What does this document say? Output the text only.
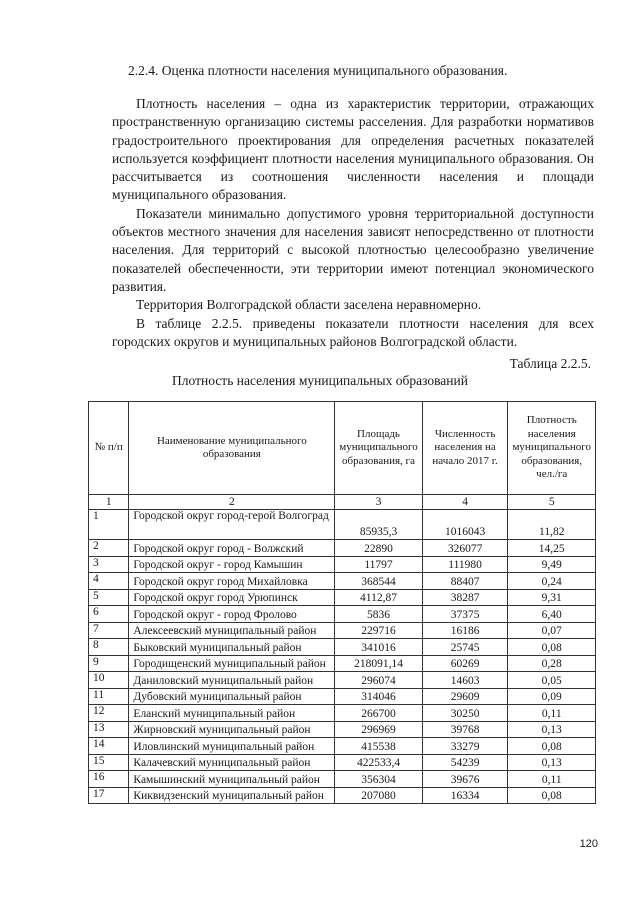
2.2.4. Оценка плотности населения муниципального образования.

Плотность населения – одна из характеристик территории, отражающих пространственную организацию системы расселения. Для разработки нормативов градостроительного проектирования для определения расчетных показателей используется коэффициент плотности населения муниципального образования. Он рассчитывается из соотношения численности населения и площади муниципального образования.

Показатели минимально допустимого уровня территориальной доступности объектов местного значения для населения зависят непосредственно от плотности населения. Для территорий с высокой плотностью целесообразно увеличение показателей обеспеченности, эти территории имеют потенциал экономического развития.

Территория Волгоградской области заселена неравномерно.

В таблице 2.2.5. приведены показатели плотности населения для всех городских округов и муниципальных районов Волгоградской области.

Таблица 2.2.5.
Плотность населения муниципальных образований
№ п/п	Наименование муниципального образования	Площадь муниципального образования, га	Численность населения на начало 2017 г.	Плотность населения муниципального образования, чел./га
1	2	3	4	5
1	Городской округ город-герой Волгоград	85935,3	1016043	11,82
2	Городской округ город - Волжский	22890	326077	14,25
3	Городской округ - город Камышин	11797	111980	9,49
4	Городской округ город Михайловка	368544	88407	0,24
5	Городской округ город Урюпинск	4112,87	38287	9,31
6	Городской округ - город Фролово	5836	37375	6,40
7	Алексеевский муниципальный район	229716	16186	0,07
8	Быковский муниципальный район	341016	25745	0,08
9	Городищенский муниципальный район	218091,14	60269	0,28
10	Даниловский муниципальный район	296074	14603	0,05
11	Дубовский муниципальный район	314046	29609	0,09
12	Еланский муниципальный район	266700	30250	0,11
13	Жирновский муниципальный район	296969	39768	0,13
14	Иловлинский муниципальный район	415538	33279	0,08
15	Калачевский муниципальный район	422533,4	54239	0,13
16	Камышинский муниципальный район	356304	39676	0,11
17	Киквидзенский муниципальный район	207080	16334	0,08
120
